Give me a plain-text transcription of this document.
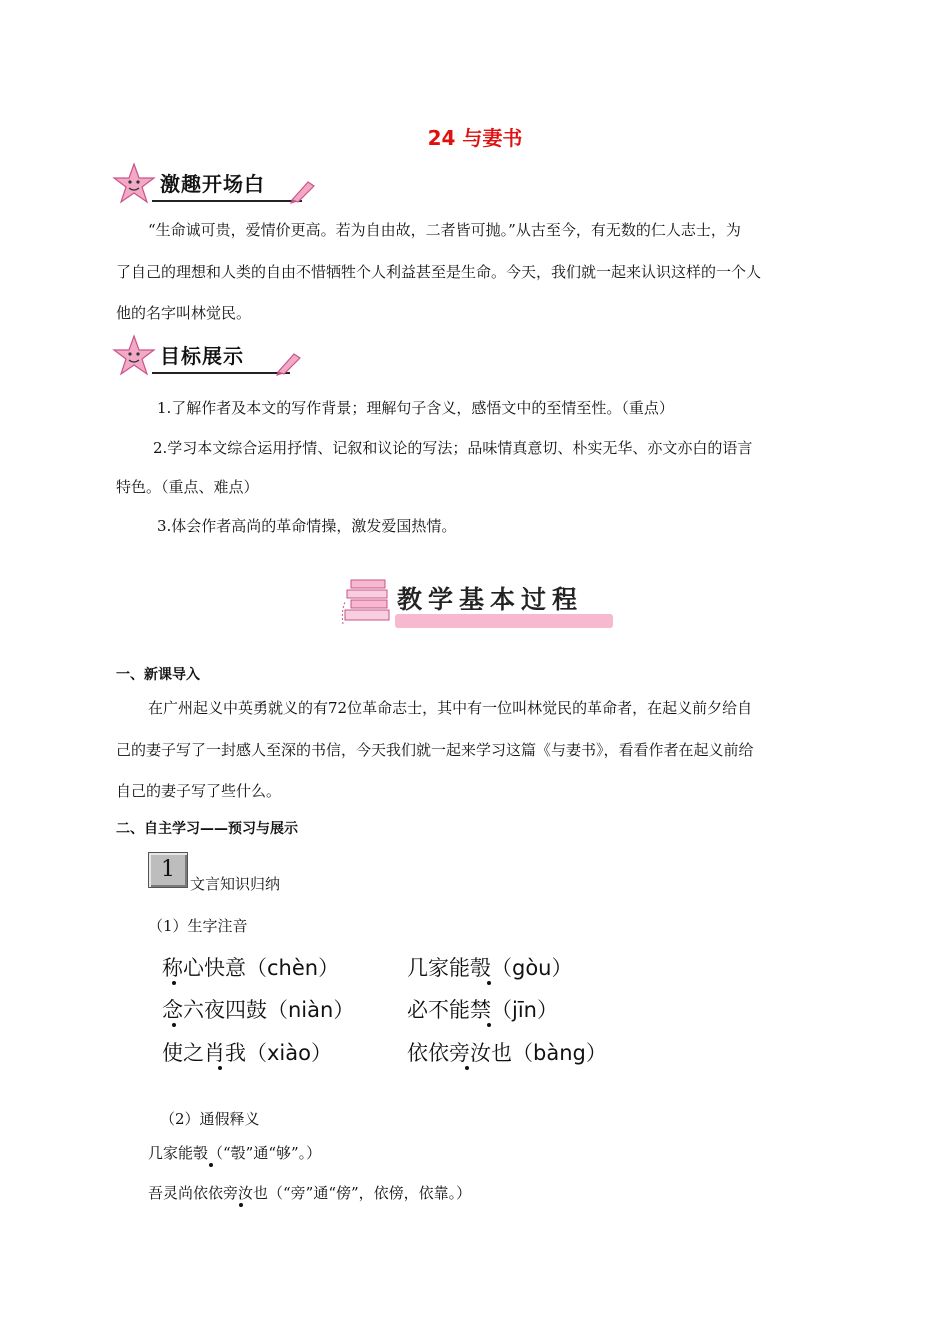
24 与妻书
激趣开场白
“生命诚可贵，爱情价更高。若为自由故，二者皆可抛。”从古至今，有无数的仁人志士，为
了自己的理想和人类的自由不惜牺牲个人利益甚至是生命。今天，我们就一起来认识这样的一个人
他的名字叫林觉民。
目标展示
1.了解作者及本文的写作背景；理解句子含义，感悟文中的至情至性。（重点）
2.学习本文综合运用抒情、记叙和议论的写法；品味情真意切、朴实无华、亦文亦白的语言
特色。（重点、难点）
3.体会作者高尚的革命情操，激发爱国热情。
教学基本过程
一、新课导入
在广州起义中英勇就义的有72位革命志士，其中有一位叫林觉民的革命者，在起义前夕给自
己的妻子写了一封感人至深的书信，今天我们就一起来学习这篇《与妻书》，看看作者在起义前给
自己的妻子写了些什么。
二、自主学习——预习与展示
1
文言知识归纳
（1）生字注音
称心快意（chèn）	几家能彀（gòu）
念六夜四鼓（niàn）	必不能禁（jīn）
使之肖我（xiào）	依依旁汝也（bàng）
（2）通假释义
几家能彀（“彀”通“够”。）
吾灵尚依依旁汝也（“旁”通“傍”，依傍，依靠。）
